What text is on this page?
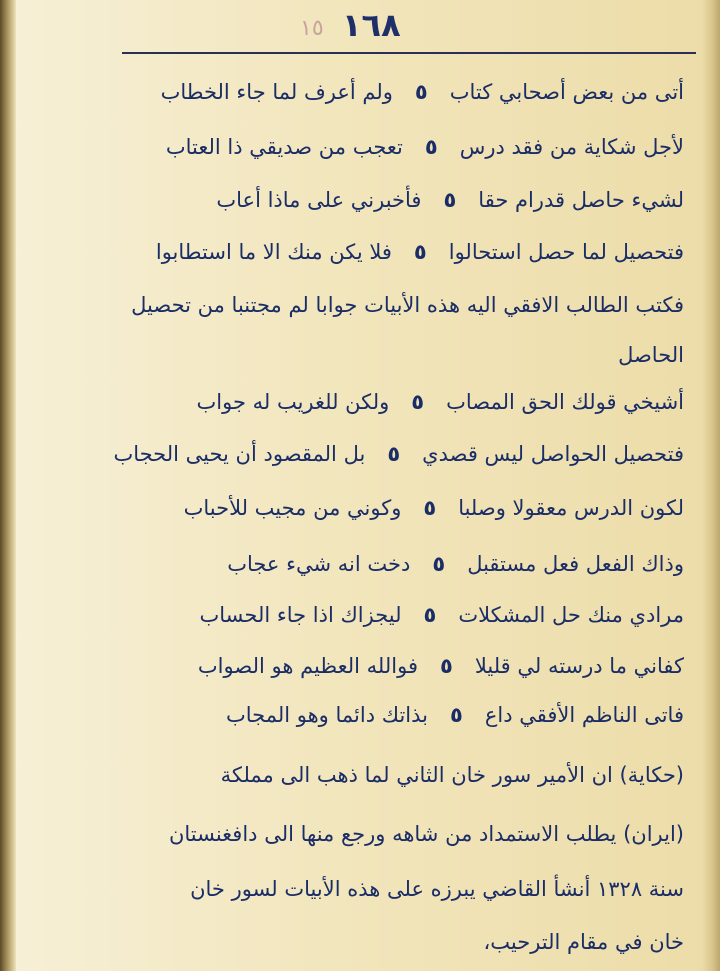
١٥ ١٦٨
أتى من بعض أصحابي كتاب٥ولم أعرف لما جاء الخطاب
لأجل شكاية من فقد درس٥تعجب من صديقي ذا العتاب
لشيء حاصل قدرام حقا٥فأخبرني على ماذا أعاب
فتحصيل لما حصل استحالوا٥فلا يكن منك الا ما استطابوا
فكتب الطالب الافقي اليه هذه الأبيات جوابا لم مجتنبا من تحصيل
الحاصل
أشيخي قولك الحق المصاب٥ولكن للغريب له جواب
فتحصيل الحواصل ليس قصدي٥بل المقصود أن يحيى الحجاب
لكون الدرس معقولا وصلبا٥وكوني من مجيب للأحباب
وذاك الفعل فعل مستقبل٥دخت انه شيء عجاب
مرادي منك حل المشكلات٥ليجزاك اذا جاء الحساب
كفاني ما درسته لي قليلا٥فوالله العظيم هو الصواب
فاتى الناظم الأفقي داع٥بذاتك دائما وهو المجاب
(حكاية) ان الأمير سور خان الثاني لما ذهب الى مملكة
(ايران) يطلب الاستمداد من شاهه ورجع منها الى دافغنستان
سنة ١٣٢٨ أنشأ القاضي يبرزه على هذه الأبيات لسور خان
خان في مقام الترحيب،
